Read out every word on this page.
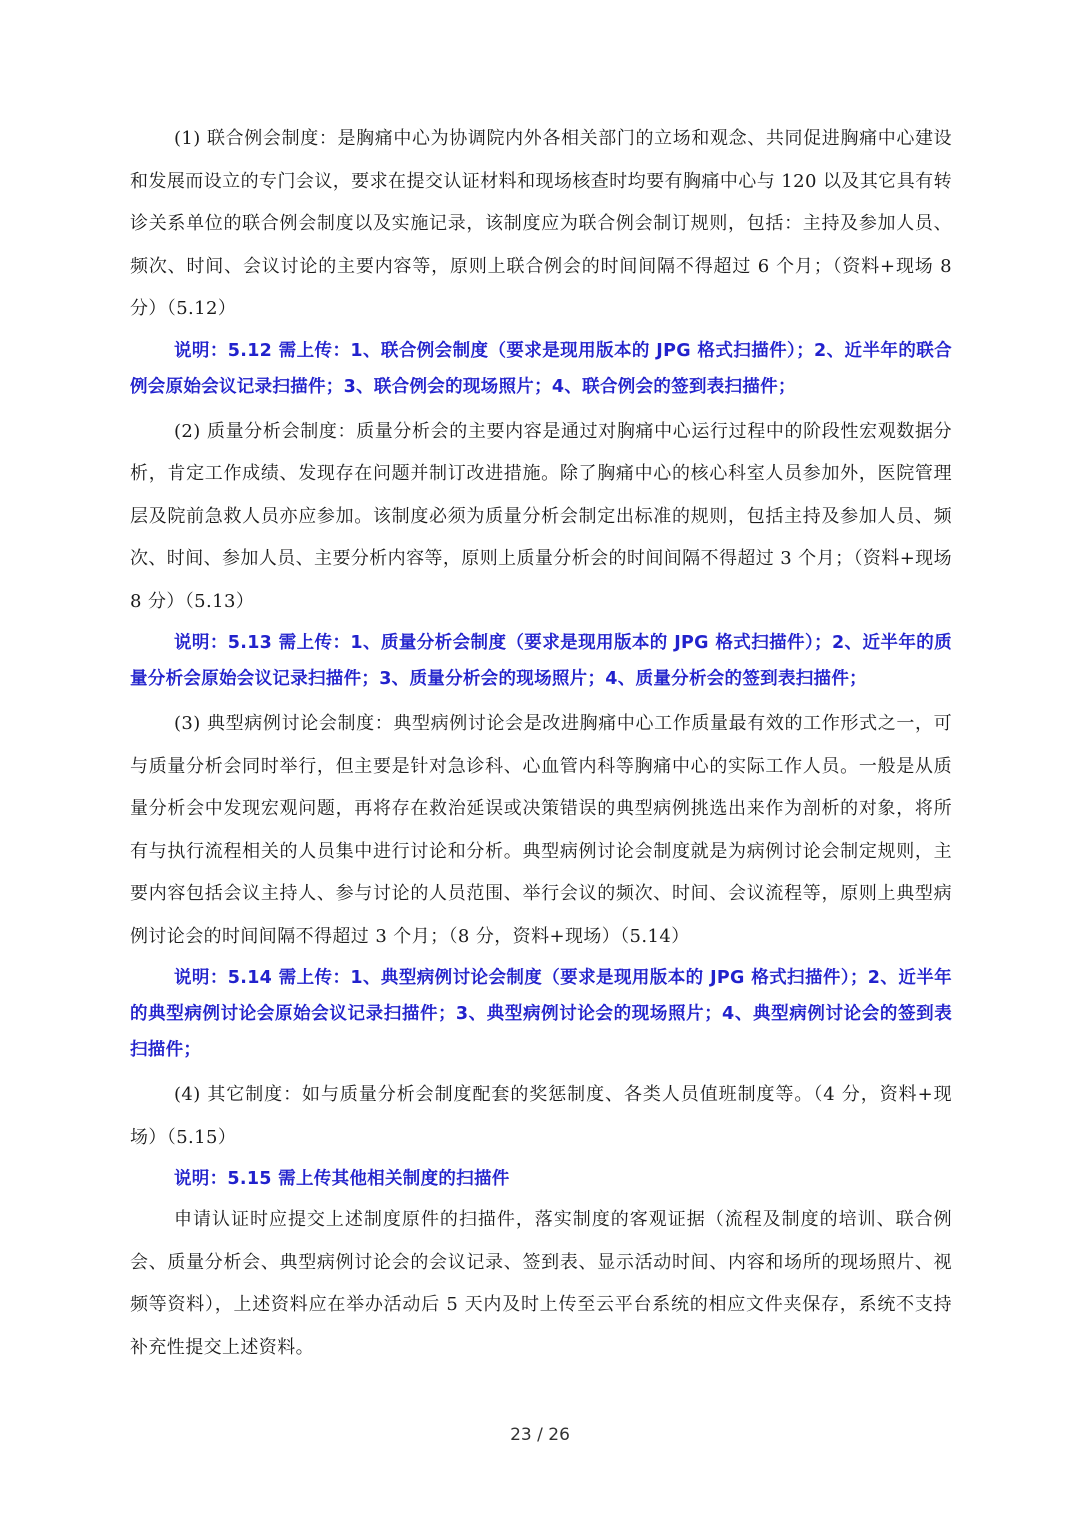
(1) 联合例会制度：是胸痛中心为协调院内外各相关部门的立场和观念、共同促进胸痛中心建设和发展而设立的专门会议，要求在提交认证材料和现场核查时均要有胸痛中心与 120 以及其它具有转诊关系单位的联合例会制度以及实施记录，该制度应为联合例会制订规则，包括：主持及参加人员、频次、时间、会议讨论的主要内容等，原则上联合例会的时间间隔不得超过 6 个月；（资料+现场 8 分）（5.12）

说明：5.12 需上传：1、联合例会制度（要求是现用版本的 JPG 格式扫描件）；2、近半年的联合例会原始会议记录扫描件；3、联合例会的现场照片；4、联合例会的签到表扫描件；

(2) 质量分析会制度：质量分析会的主要内容是通过对胸痛中心运行过程中的阶段性宏观数据分析，肯定工作成绩、发现存在问题并制订改进措施。除了胸痛中心的核心科室人员参加外，医院管理层及院前急救人员亦应参加。该制度必须为质量分析会制定出标准的规则，包括主持及参加人员、频次、时间、参加人员、主要分析内容等，原则上质量分析会的时间间隔不得超过 3 个月；（资料+现场 8 分）（5.13）

说明：5.13 需上传：1、质量分析会制度（要求是现用版本的 JPG 格式扫描件）；2、近半年的质量分析会原始会议记录扫描件；3、质量分析会的现场照片；4、质量分析会的签到表扫描件；

(3) 典型病例讨论会制度：典型病例讨论会是改进胸痛中心工作质量最有效的工作形式之一，可与质量分析会同时举行，但主要是针对急诊科、心血管内科等胸痛中心的实际工作人员。一般是从质量分析会中发现宏观问题，再将存在救治延误或决策错误的典型病例挑选出来作为剖析的对象，将所有与执行流程相关的人员集中进行讨论和分析。典型病例讨论会制度就是为病例讨论会制定规则，主要内容包括会议主持人、参与讨论的人员范围、举行会议的频次、时间、会议流程等，原则上典型病例讨论会的时间间隔不得超过 3 个月；（8 分，资料+现场）（5.14）

说明：5.14 需上传：1、典型病例讨论会制度（要求是现用版本的 JPG 格式扫描件）；2、近半年的典型病例讨论会原始会议记录扫描件；3、典型病例讨论会的现场照片；4、典型病例讨论会的签到表扫描件；

(4) 其它制度：如与质量分析会制度配套的奖惩制度、各类人员值班制度等。（4 分，资料+现场）（5.15）

说明：5.15 需上传其他相关制度的扫描件

申请认证时应提交上述制度原件的扫描件，落实制度的客观证据（流程及制度的培训、联合例会、质量分析会、典型病例讨论会的会议记录、签到表、显示活动时间、内容和场所的现场照片、视频等资料），上述资料应在举办活动后 5 天内及时上传至云平台系统的相应文件夹保存，系统不支持补充性提交上述资料。

23 / 26
